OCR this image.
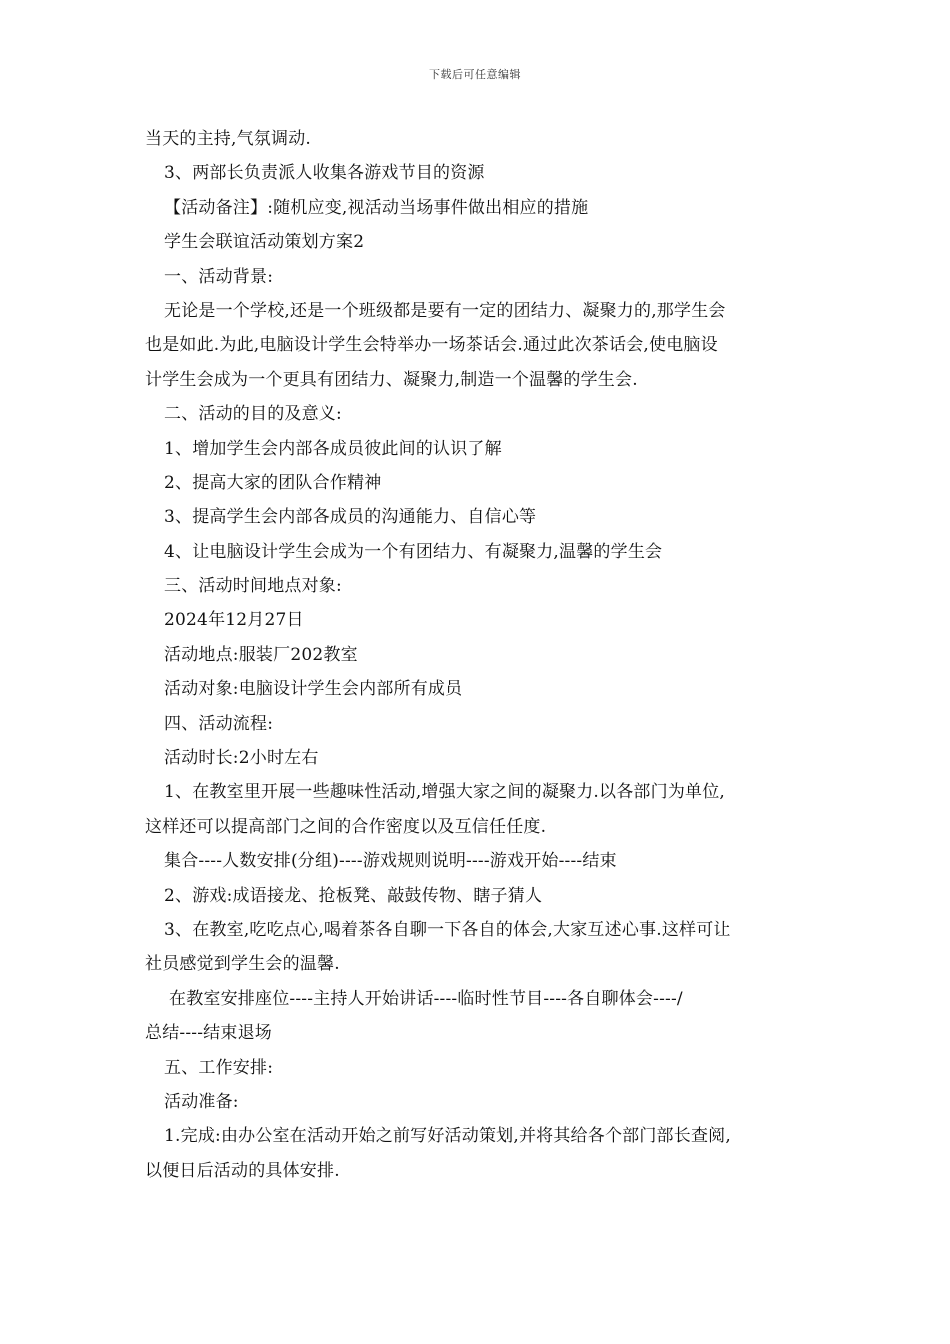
下载后可任意编辑
当天的主持,气氛调动.
3、两部长负责派人收集各游戏节目的资源
【活动备注】:随机应变,视活动当场事件做出相应的措施
学生会联谊活动策划方案2
一、活动背景:
无论是一个学校,还是一个班级都是要有一定的团结力、凝聚力的,那学生会
也是如此.为此,电脑设计学生会特举办一场茶话会.通过此次茶话会,使电脑设
计学生会成为一个更具有团结力、凝聚力,制造一个温馨的学生会.
二、活动的目的及意义:
1、增加学生会内部各成员彼此间的认识了解
2、提高大家的团队合作精神
3、提高学生会内部各成员的沟通能力、自信心等
4、让电脑设计学生会成为一个有团结力、有凝聚力,温馨的学生会
三、活动时间地点对象:
2024年12月27日
活动地点:服装厂202教室
活动对象:电脑设计学生会内部所有成员
四、活动流程:
活动时长:2小时左右
1、在教室里开展一些趣味性活动,增强大家之间的凝聚力.以各部门为单位,
这样还可以提高部门之间的合作密度以及互信任任度.
集合----人数安排(分组)----游戏规则说明----游戏开始----结束
2、游戏:成语接龙、抢板凳、敲鼓传物、瞎子猜人
3、在教室,吃吃点心,喝着茶各自聊一下各自的体会,大家互述心事.这样可让
社员感觉到学生会的温馨.
在教室安排座位----主持人开始讲话----临时性节目----各自聊体会----/
总结----结束退场
五、工作安排:
活动准备:
1.完成:由办公室在活动开始之前写好活动策划,并将其给各个部门部长查阅,
以便日后活动的具体安排.
